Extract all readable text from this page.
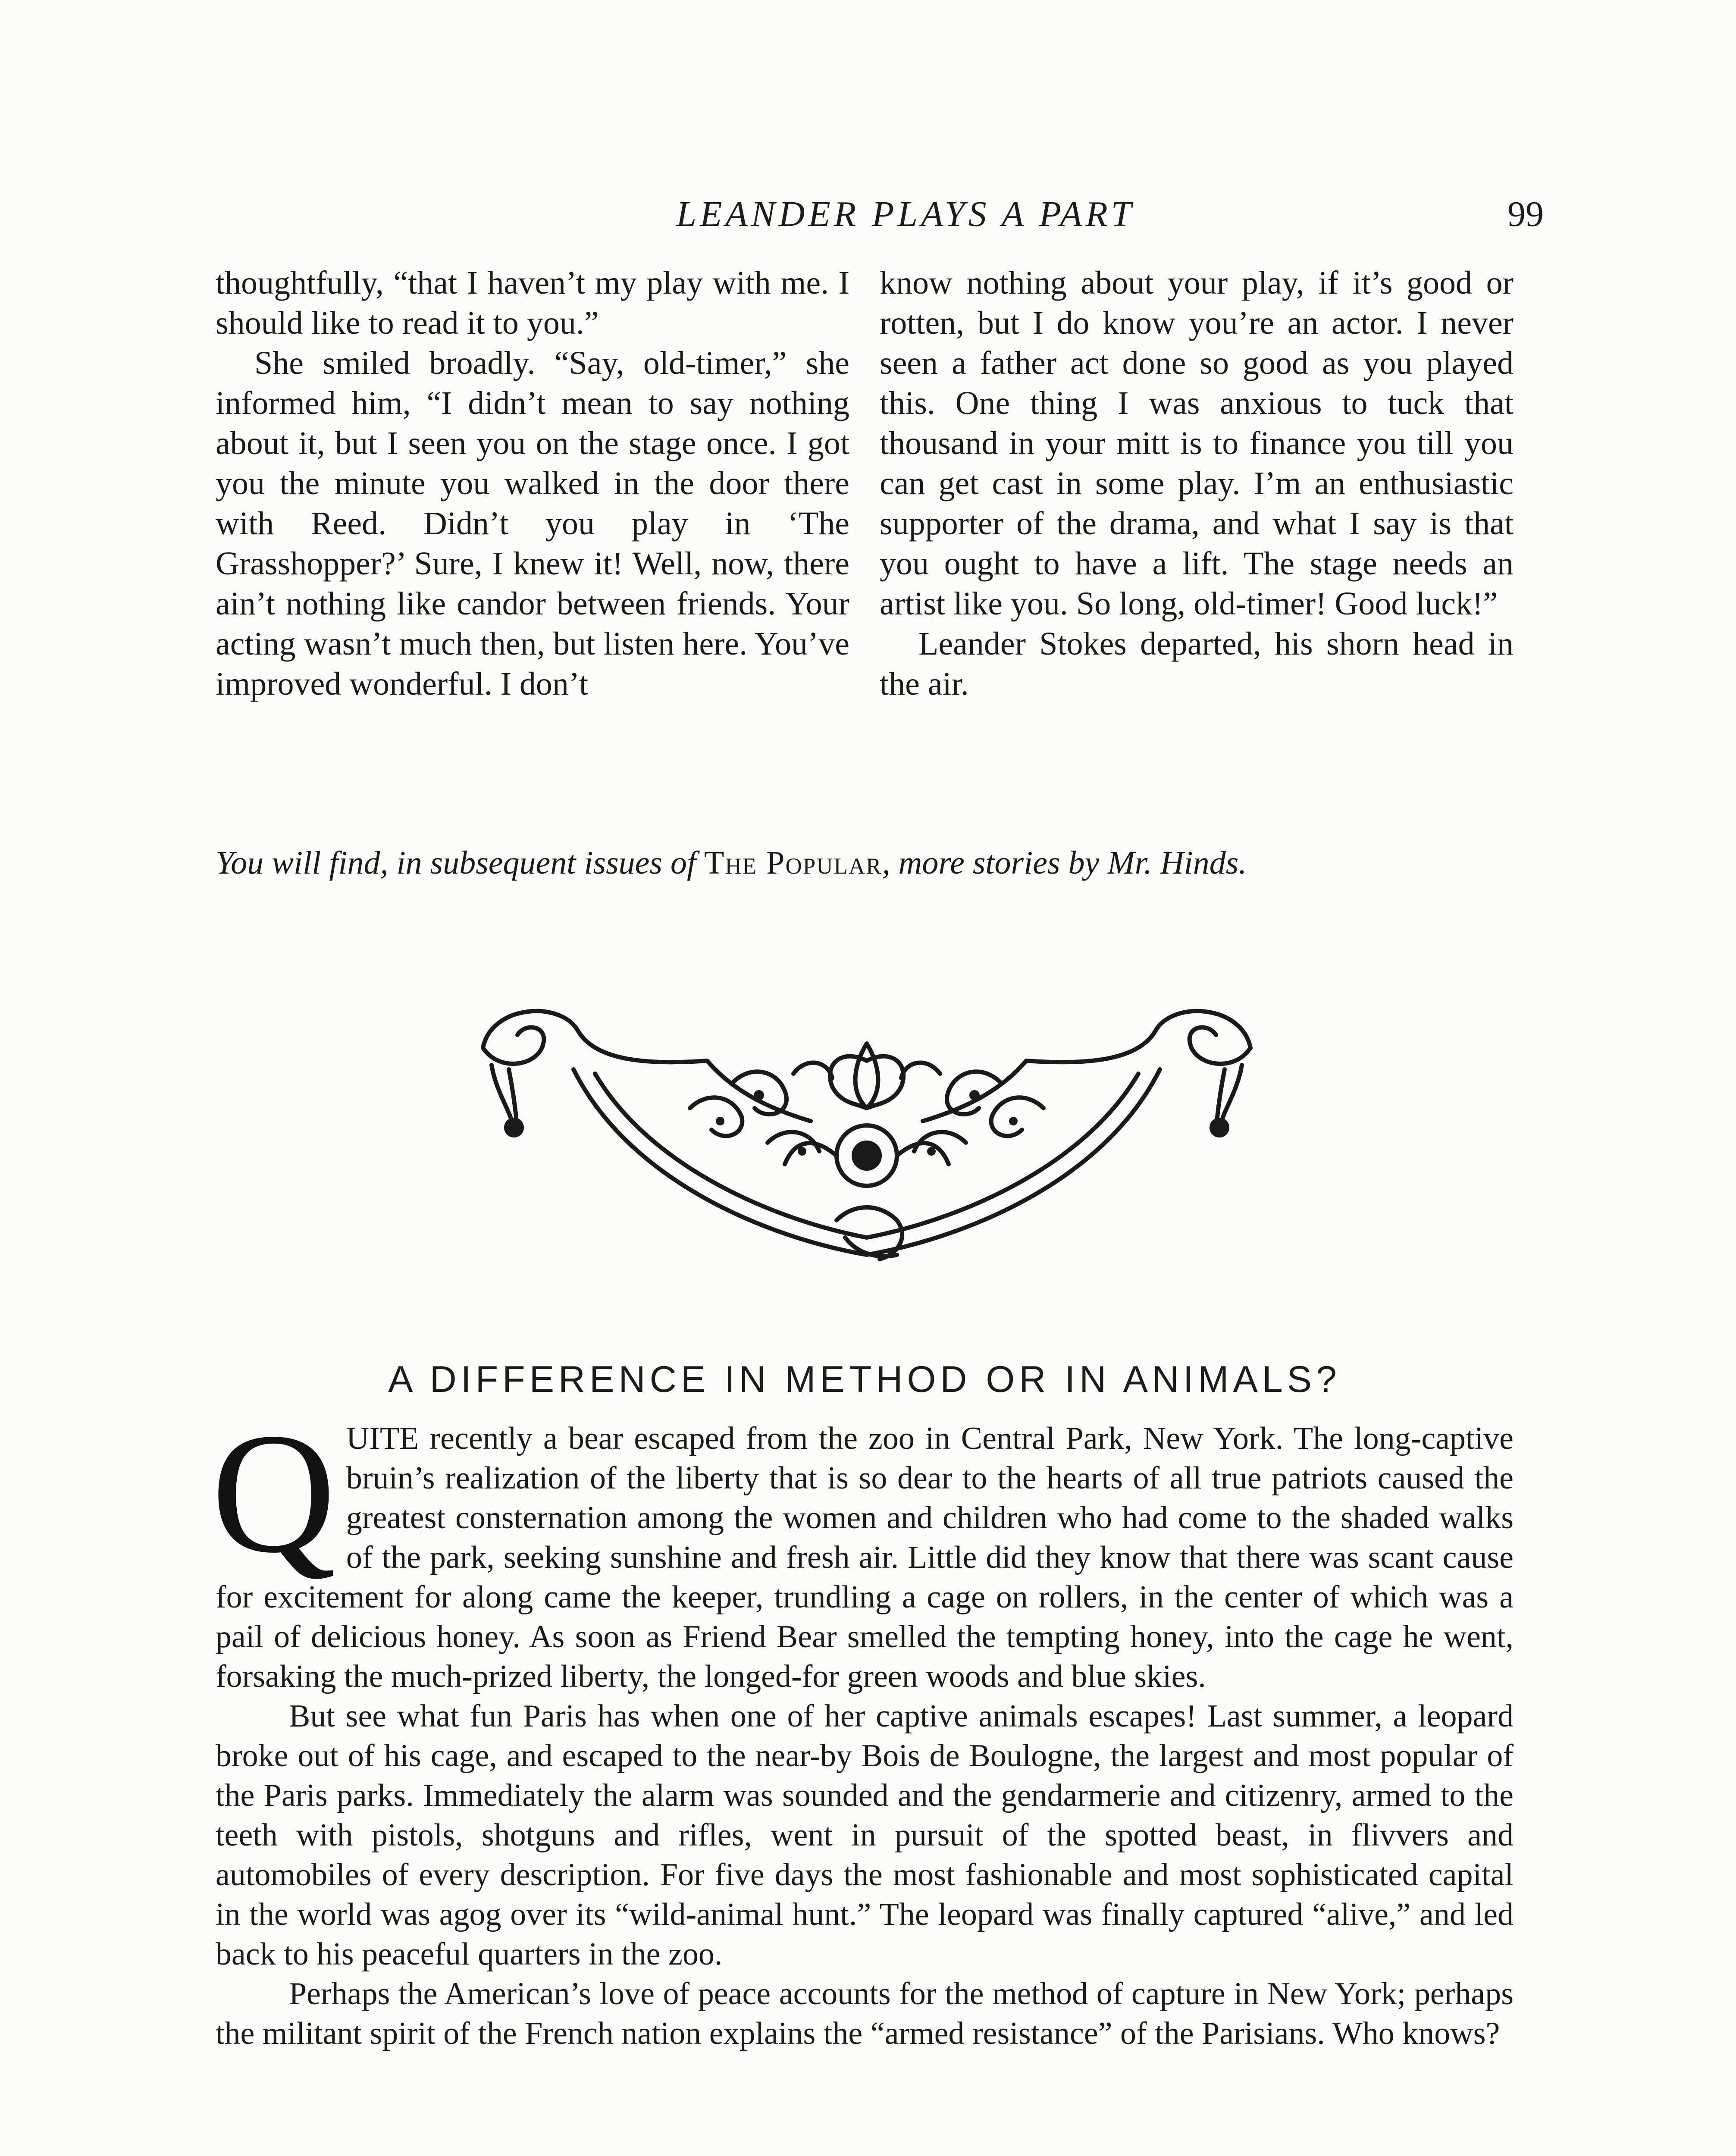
LEANDER PLAYS A PART	99

thoughtfully, “that I haven’t my play with me. I should like to read it to you.”

She smiled broadly. “Say, old-timer,” she informed him, “I didn’t mean to say nothing about it, but I seen you on the stage once. I got you the minute you walked in the door there with Reed. Didn’t you play in ‘The Grasshopper?’ Sure, I knew it! Well, now, there ain’t nothing like candor between friends. Your acting wasn’t much then, but listen here. You’ve improved wonderful. I don’t

know nothing about your play, if it’s good or rotten, but I do know you’re an actor. I never seen a father act done so good as you played this. One thing I was anxious to tuck that thousand in your mitt is to finance you till you can get cast in some play. I’m an enthusiastic supporter of the drama, and what I say is that you ought to have a lift. The stage needs an artist like you. So long, old-timer! Good luck!”

Leander Stokes departed, his shorn head in the air.

You will find, in subsequent issues of The Popular, more stories by Mr. Hinds.
A DIFFERENCE IN METHOD OR IN ANIMALS?
Q UITE recently a bear escaped from the zoo in Central Park, New York. The long-captive bruin’s realization of the liberty that is so dear to the hearts of all true patriots caused the greatest consternation among the women and children who had come to the shaded walks of the park, seeking sunshine and fresh air. Little did they know that there was scant cause for excitement for along came the keeper, trundling a cage on rollers, in the center of which was a pail of delicious honey. As soon as Friend Bear smelled the tempting honey, into the cage he went, forsaking the much-prized liberty, the longed-for green woods and blue skies.

But see what fun Paris has when one of her captive animals escapes! Last summer, a leopard broke out of his cage, and escaped to the near-by Bois de Boulogne, the largest and most popular of the Paris parks. Immediately the alarm was sounded and the gendarmerie and citizenry, armed to the teeth with pistols, shotguns and rifles, went in pursuit of the spotted beast, in flivvers and automobiles of every description. For five days the most fashionable and most sophisticated capital in the world was agog over its “wild-animal hunt.” The leopard was finally captured “alive,” and led back to his peaceful quarters in the zoo.

Perhaps the American’s love of peace accounts for the method of capture in New York; perhaps the militant spirit of the French nation explains the “armed resistance” of the Parisians. Who knows?
